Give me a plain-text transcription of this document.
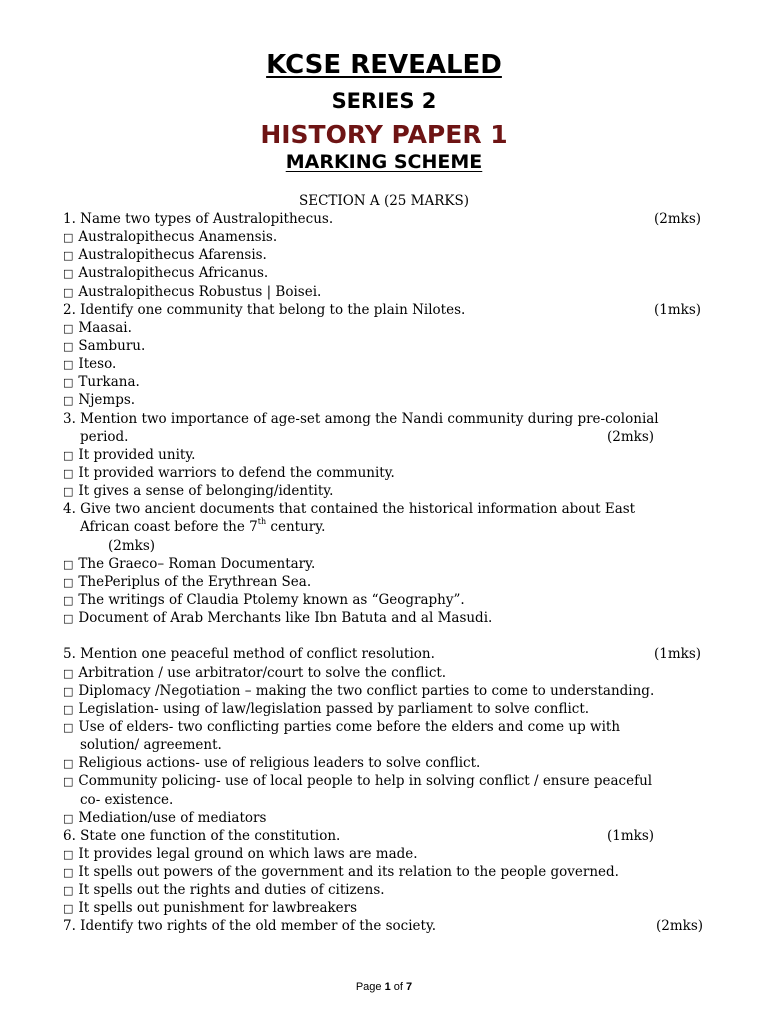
KCSE REVEALED
SERIES 2
HISTORY PAPER 1
MARKING SCHEME
SECTION A (25 MARKS)
1. Name two types of Australopithecus.	(2mks)
□ Australopithecus Anamensis.
□ Australopithecus Afarensis.
□ Australopithecus Africanus.
□ Australopithecus Robustus | Boisei.
2. Identify one community that belong to the plain Nilotes.	(1mks)
□ Maasai.
□ Samburu.
□ Iteso.
□ Turkana.
□ Njemps.
3. Mention two importance of age-set among the Nandi community during pre-colonial
period.	(2mks)
□ It provided unity.
□ It provided warriors to defend the community.
□ It gives a sense of belonging/identity.
4. Give two ancient documents that contained the historical information about East
African coast before the 7th century.
(2mks)
□ The Graeco– Roman Documentary.
□ ThePeriplus of the Erythrean Sea.
□ The writings of Claudia Ptolemy known as “Geography”.
□ Document of Arab Merchants like Ibn Batuta and al Masudi.
5. Mention one peaceful method of conflict resolution.	(1mks)
□ Arbitration / use arbitrator/court to solve the conflict.
□ Diplomacy /Negotiation – making the two conflict parties to come to understanding.
□ Legislation- using of law/legislation passed by parliament to solve conflict.
□ Use of elders- two conflicting parties come before the elders and come up with
solution/ agreement.
□ Religious actions- use of religious leaders to solve conflict.
□ Community policing- use of local people to help in solving conflict / ensure peaceful
co- existence.
□ Mediation/use of mediators
6. State one function of the constitution.	(1mks)
□ It provides legal ground on which laws are made.
□ It spells out powers of the government and its relation to the people governed.
□ It spells out the rights and duties of citizens.
□ It spells out punishment for lawbreakers
7. Identify two rights of the old member of the society.	(2mks)
Page 1 of 7
